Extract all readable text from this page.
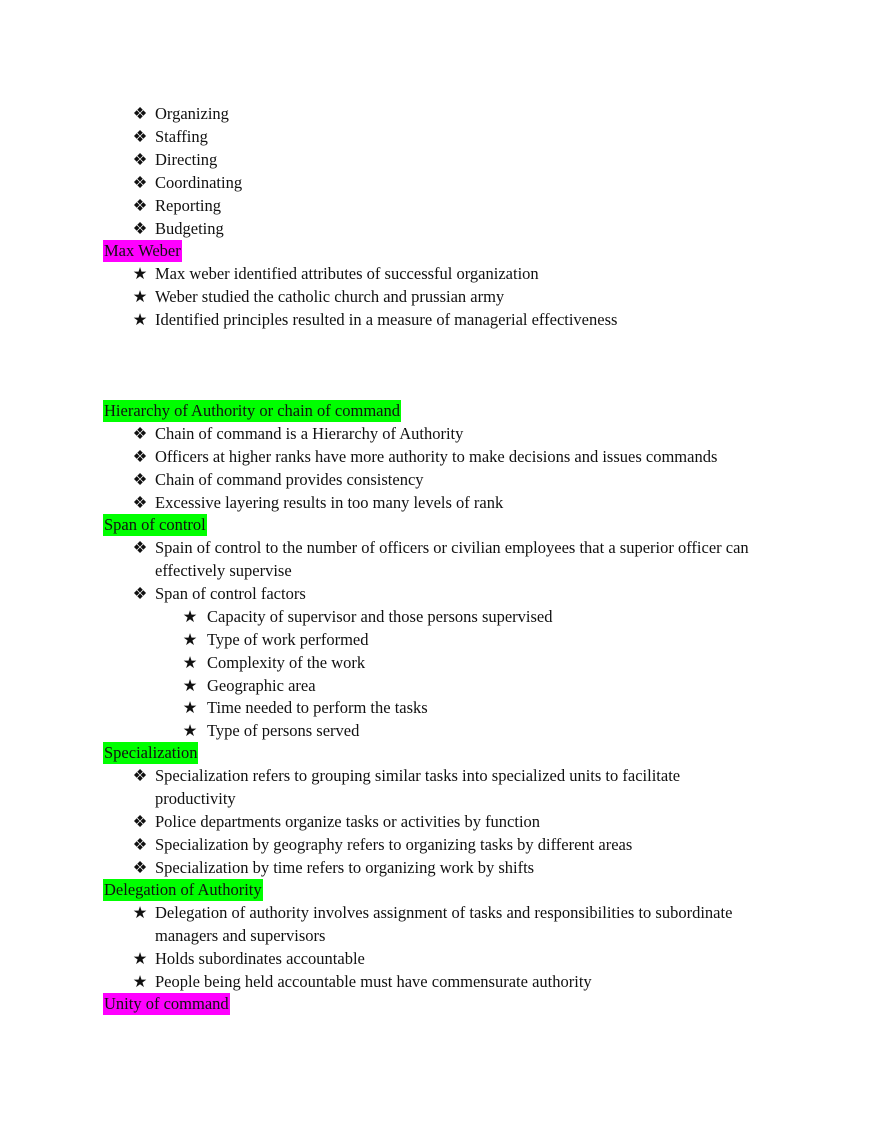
❖ Organizing
❖ Staffing
❖ Directing
❖ Coordinating
❖ Reporting
❖ Budgeting
Max Weber
★ Max weber identified attributes of successful organization
★ Weber studied the catholic church and prussian army
★ Identified principles resulted in a measure of managerial effectiveness
Hierarchy of Authority or chain of command
❖ Chain of command is a Hierarchy of Authority
❖ Officers at higher ranks have more authority to make decisions and issues commands
❖ Chain of command provides consistency
❖ Excessive layering results in too many levels of rank
Span of control
❖ Spain of control to the number of officers or civilian employees that a superior officer can
effectively supervise
❖ Span of control factors
★ Capacity of supervisor and those persons supervised
★ Type of work performed
★ Complexity of the work
★ Geographic area
★ Time needed to perform the tasks
★ Type of persons served
Specialization
❖ Specialization refers to grouping similar tasks into specialized units to facilitate
productivity
❖ Police departments organize tasks or activities by function
❖ Specialization by geography refers to organizing tasks by different areas
❖ Specialization by time refers to organizing work by shifts
Delegation of Authority
★ Delegation of authority involves assignment of tasks and responsibilities to subordinate
managers and supervisors
★ Holds subordinates accountable
★ People being held accountable must have commensurate authority
Unity of command
